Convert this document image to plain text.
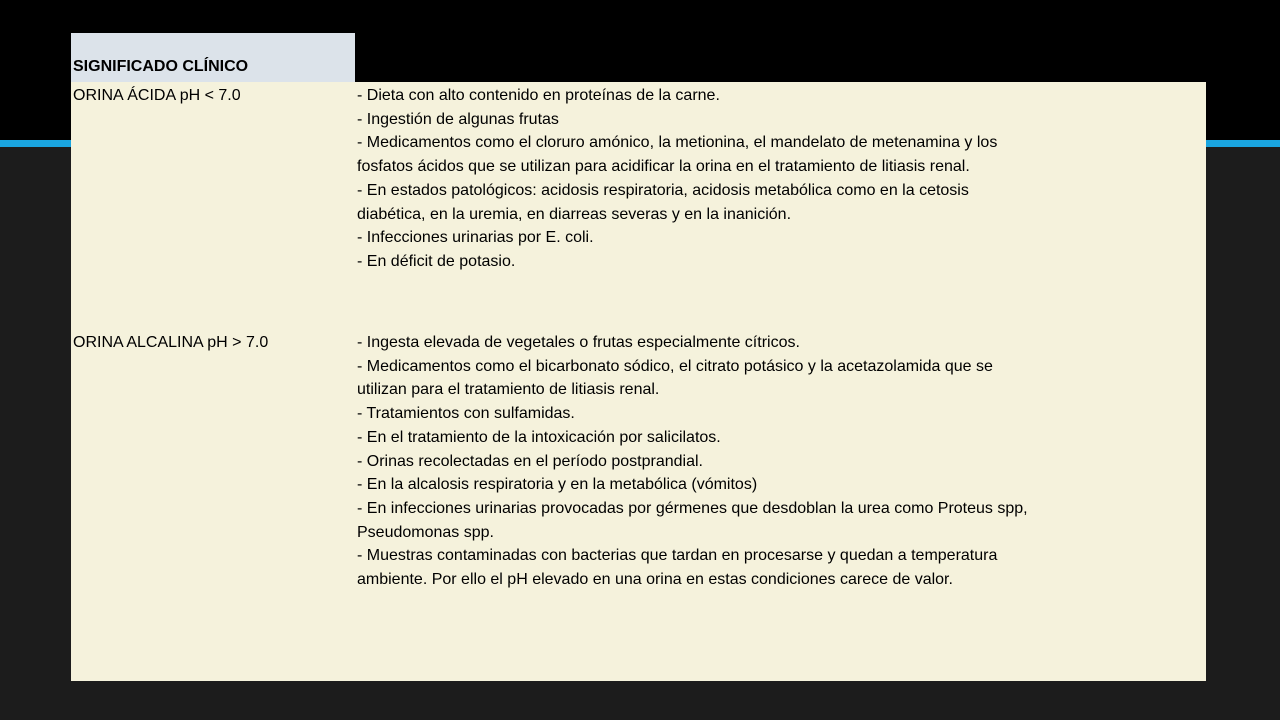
SIGNIFICADO CLÍNICO
ORINA ÁCIDA pH < 7.0	- Dieta con alto contenido en proteínas de la carne.
- Ingestión de algunas frutas
- Medicamentos como el cloruro amónico, la metionina, el mandelato de metenamina y los
fosfatos ácidos que se utilizan para acidificar la orina en el tratamiento de litiasis renal.
- En estados patológicos: acidosis respiratoria, acidosis metabólica como en la cetosis
diabética, en la uremia, en diarreas severas y en la inanición.
- Infecciones urinarias por E. coli.
- En déficit de potasio.
ORINA ALCALINA pH > 7.0	- Ingesta elevada de vegetales o frutas especialmente cítricos.
- Medicamentos como el bicarbonato sódico, el citrato potásico y la acetazolamida que se
utilizan para el tratamiento de litiasis renal.
- Tratamientos con sulfamidas.
- En el tratamiento de la intoxicación por salicilatos.
- Orinas recolectadas en el período postprandial.
- En la alcalosis respiratoria y en la metabólica (vómitos)
- En infecciones urinarias provocadas por gérmenes que desdoblan la urea como Proteus spp,
Pseudomonas spp.
- Muestras contaminadas con bacterias que tardan en procesarse y quedan a temperatura
ambiente. Por ello el pH elevado en una orina en estas condiciones carece de valor.
